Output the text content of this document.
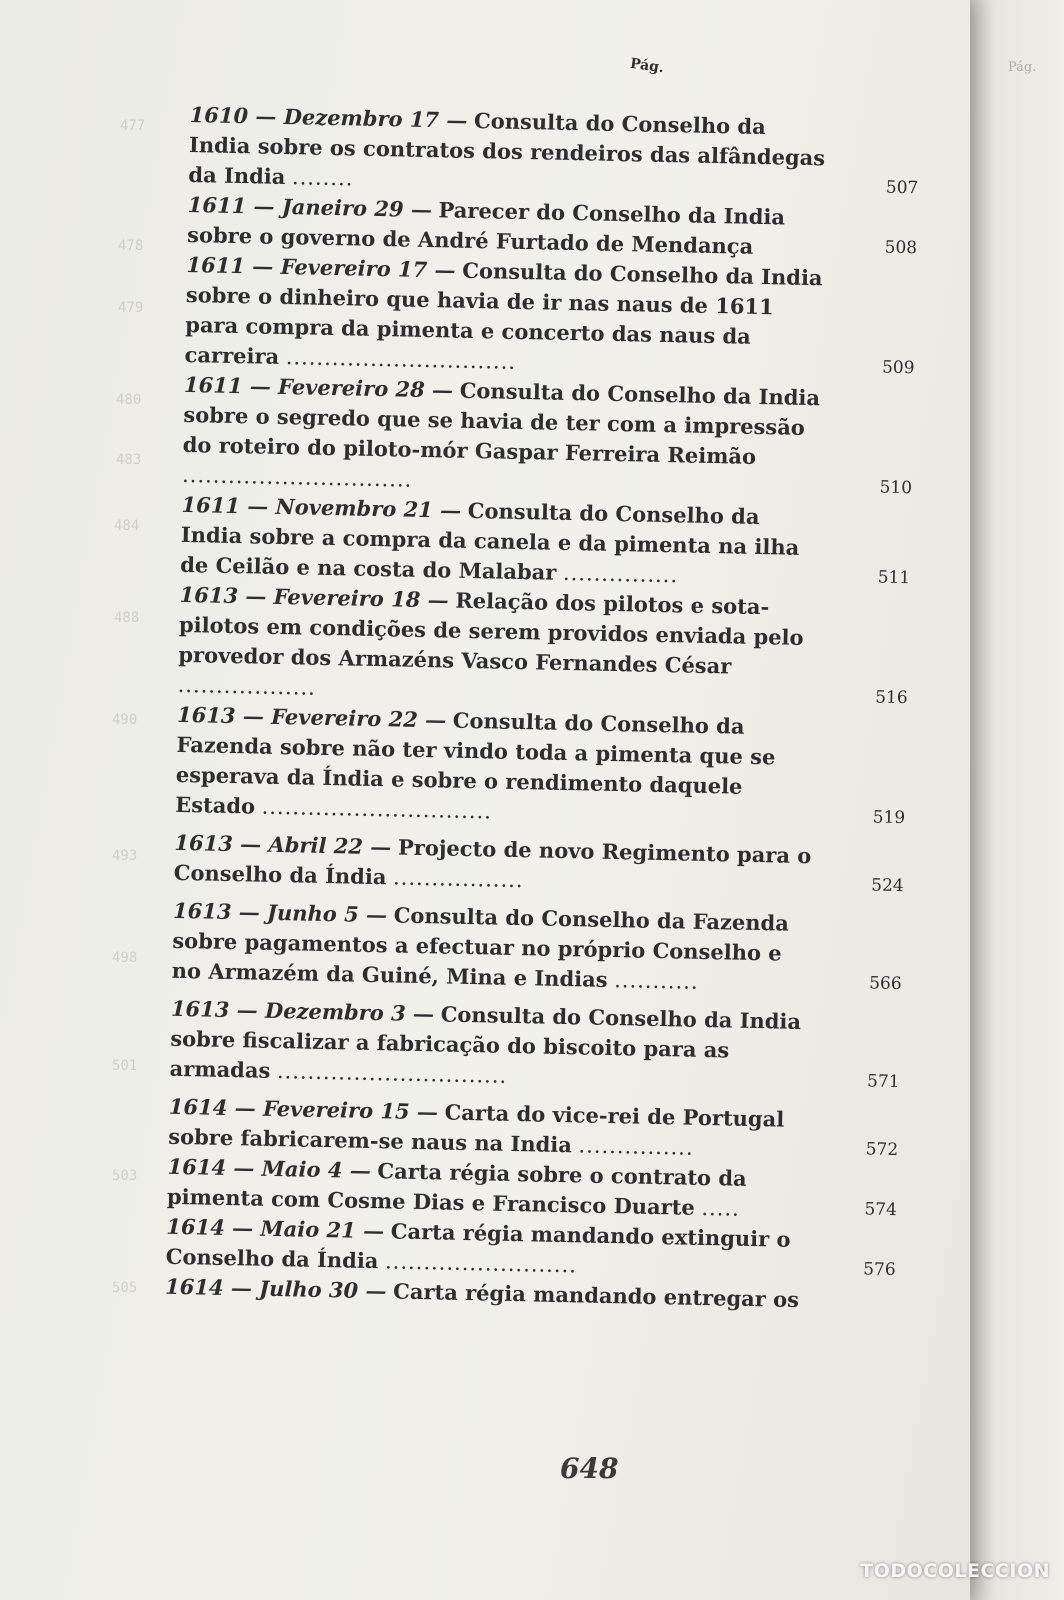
Pág.
477
478
479
480
483
484
488
490
493
498
501
503
505
Pág.
1610 — Dezembro 17 — Consulta do Conselho da India sobre os contratos dos rendeiros das alfândegas da India ........	507
1611 — Janeiro 29 — Parecer do Conselho da India sobre o governo de André Furtado de Mendança	508
1611 — Fevereiro 17 — Consulta do Conselho da India sobre o dinheiro que havia de ir nas naus de 1611 para compra da pimenta e concerto das naus da carreira ..............................	509
1611 — Fevereiro 28 — Consulta do Conselho da India sobre o segredo que se havia de ter com a impressão do roteiro do piloto-mór Gaspar Ferreira Reimão ..............................	510
1611 — Novembro 21 — Consulta do Conselho da India sobre a compra da canela e da pimenta na ilha de Ceilão e na costa do Malabar ...............	511
1613 — Fevereiro 18 — Relação dos pilotos e sota-pilotos em condições de serem providos enviada pelo provedor dos Armazéns Vasco Fernandes César ..................	516
1613 — Fevereiro 22 — Consulta do Conselho da Fazenda sobre não ter vindo toda a pimenta que se esperava da Índia e sobre o rendimento daquele Estado ..............................	519
1613 — Abril 22 — Projecto de novo Regimento para o Conselho da Índia .................	524
1613 — Junho 5 — Consulta do Conselho da Fazenda sobre pagamentos a efectuar no próprio Conselho e no Armazém da Guiné, Mina e Indias ...........	566
1613 — Dezembro 3 — Consulta do Conselho da India sobre fiscalizar a fabricação do biscoito para as armadas ..............................	571
1614 — Fevereiro 15 — Carta do vice-rei de Portugal sobre fabricarem-se naus na India ...............	572
1614 — Maio 4 — Carta régia sobre o contrato da pimenta com Cosme Dias e Francisco Duarte .....	574
1614 — Maio 21 — Carta régia mandando extinguir o Conselho da Índia .........................	576
1614 — Julho 30 — Carta régia mandando entregar os
648
TODOCOLECCION
